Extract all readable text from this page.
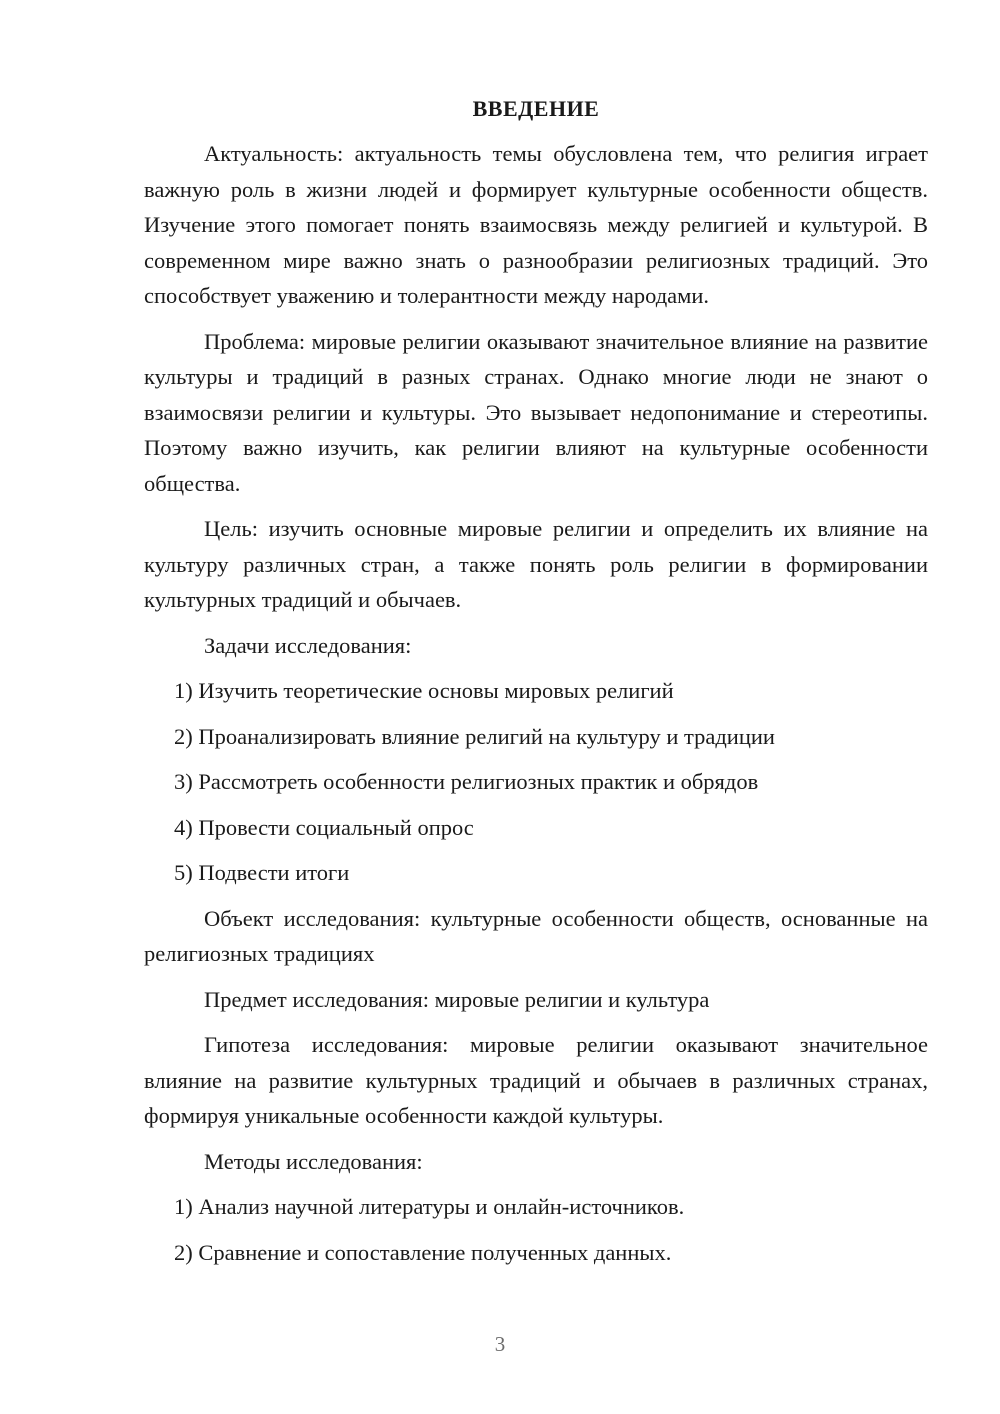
ВВЕДЕНИЕ

Актуальность: актуальность темы обусловлена тем, что религия играет важную роль в жизни людей и формирует культурные особенности обществ. Изучение этого помогает понять взаимосвязь между религией и культурой. В современном мире важно знать о разнообразии религиозных традиций. Это способствует уважению и толерантности между народами.

Проблема: мировые религии оказывают значительное влияние на развитие культуры и традиций в разных странах. Однако многие люди не знают о взаимосвязи религии и культуры. Это вызывает недопонимание и стереотипы. Поэтому важно изучить, как религии влияют на культурные особенности общества.

Цель: изучить основные мировые религии и определить их влияние на культуру различных стран, а также понять роль религии в формировании культурных традиций и обычаев.

Задачи исследования:

1) Изучить теоретические основы мировых религий

2) Проанализировать влияние религий на культуру и традиции

3) Рассмотреть особенности религиозных практик и обрядов

4) Провести социальный опрос

5) Подвести итоги

Объект исследования: культурные особенности обществ, основанные на религиозных традициях

Предмет исследования: мировые религии и культура

Гипотеза исследования: мировые религии оказывают значительное влияние на развитие культурных традиций и обычаев в различных странах, формируя уникальные особенности каждой культуры.

Методы исследования:

1) Анализ научной литературы и онлайн-источников.

2) Сравнение и сопоставление полученных данных.

3
